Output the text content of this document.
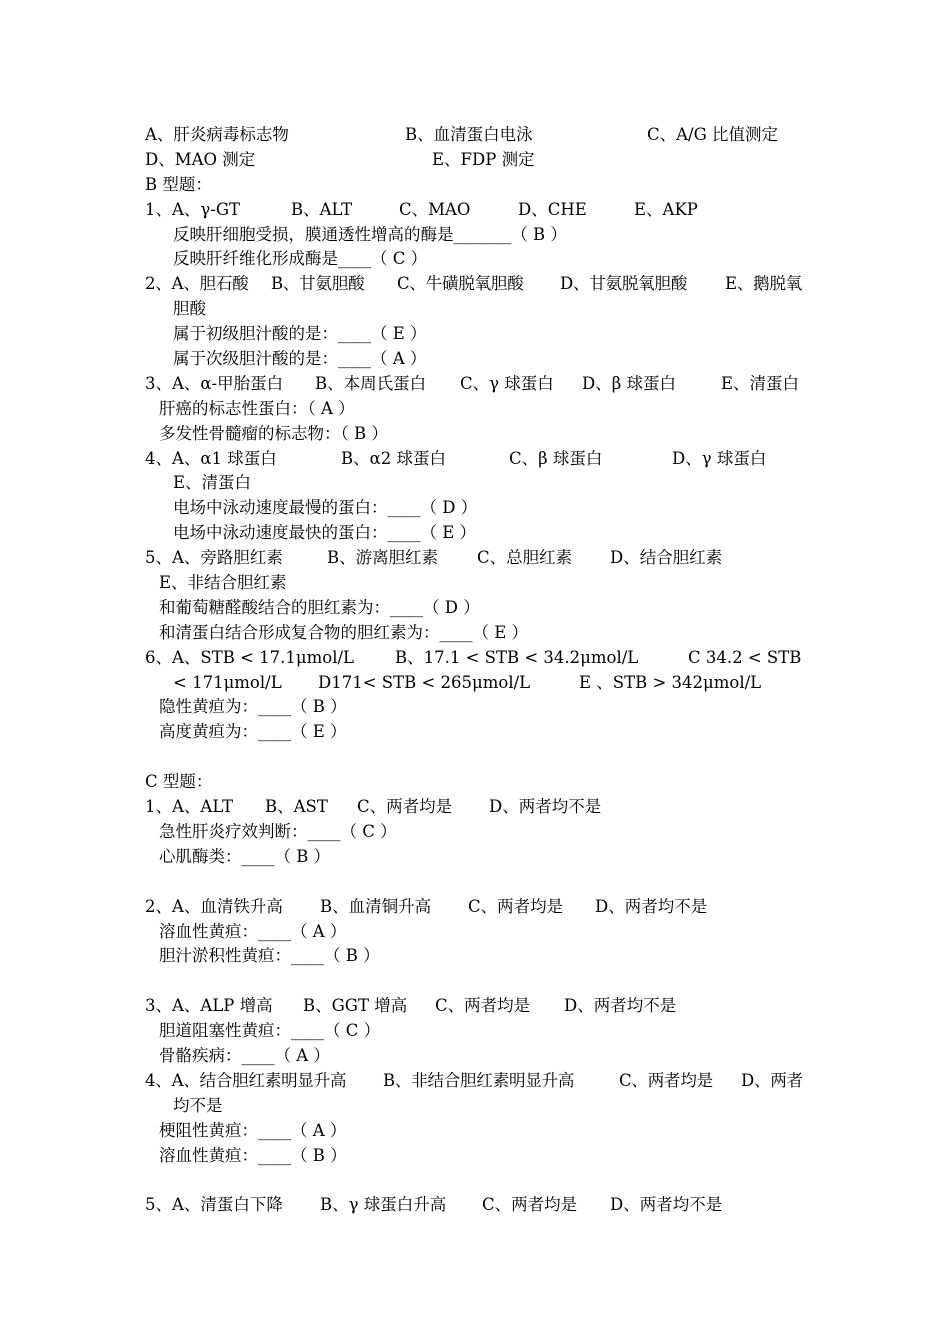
A、肝炎病毒标志物	B、血清蛋白电泳	C、A/G 比值测定
D、MAO 测定	E、FDP 测定
B 型题：
1、A、γ-GT	B、ALT	C、MAO	D、CHE	E、AKP
反映肝细胞受损，膜通透性增高的酶是_______（ B ）
反映肝纤维化形成酶是____（ C ）
2、A、胆石酸 B、甘氨胆酸 C、牛磺脱氧胆酸 D、甘氨脱氧胆酸 E、鹅脱氧
胆酸
属于初级胆汁酸的是：____（ E ）
属于次级胆汁酸的是：____（ A ）
3、A、α-甲胎蛋白 B、本周氏蛋白 C、γ 球蛋白 D、β 球蛋白	E、清蛋白
肝癌的标志性蛋白：（ A ）
多发性骨髓瘤的标志物：（ B ）
4、A、α1 球蛋白	B、α2 球蛋白	C、β 球蛋白	D、γ 球蛋白
E、清蛋白
电场中泳动速度最慢的蛋白：____（ D ）
电场中泳动速度最快的蛋白：____（ E ）
5、A、旁路胆红素	B、游离胆红素 C、总胆红素 D、结合胆红素
E、非结合胆红素
和葡萄糖醛酸结合的胆红素为：____（ D ）
和清蛋白结合形成复合物的胆红素为：____（ E ）
6、A、STB < 17.1μmol/L B、17.1 < STB < 34.2μmol/L	C 34.2 < STB
< 171μmol/L D171< STB < 265μmol/L	E 、STB > 342μmol/L
隐性黄疸为：____（ B ）
高度黄疸为：____（ E ）
C 型题：
1、A、ALT B、AST C、两者均是 D、两者均不是
急性肝炎疗效判断：____（ C ）
心肌酶类：____（ B ）
2、A、血清铁升高 B、血清铜升高 C、两者均是 D、两者均不是
溶血性黄疸：____（ A ）
胆汁淤积性黄疸：____（ B ）
3、A、ALP 增高 B、GGT 增高 C、两者均是 D、两者均不是
胆道阻塞性黄疸：____（ C ）
骨骼疾病：____（ A ）
4、A、结合胆红素明显升高 B、非结合胆红素明显升高	C、两者均是 D、两者
均不是
梗阻性黄疸：____（ A ）
溶血性黄疸：____（ B ）
5、A、清蛋白下降 B、γ 球蛋白升高 C、两者均是 D、两者均不是
